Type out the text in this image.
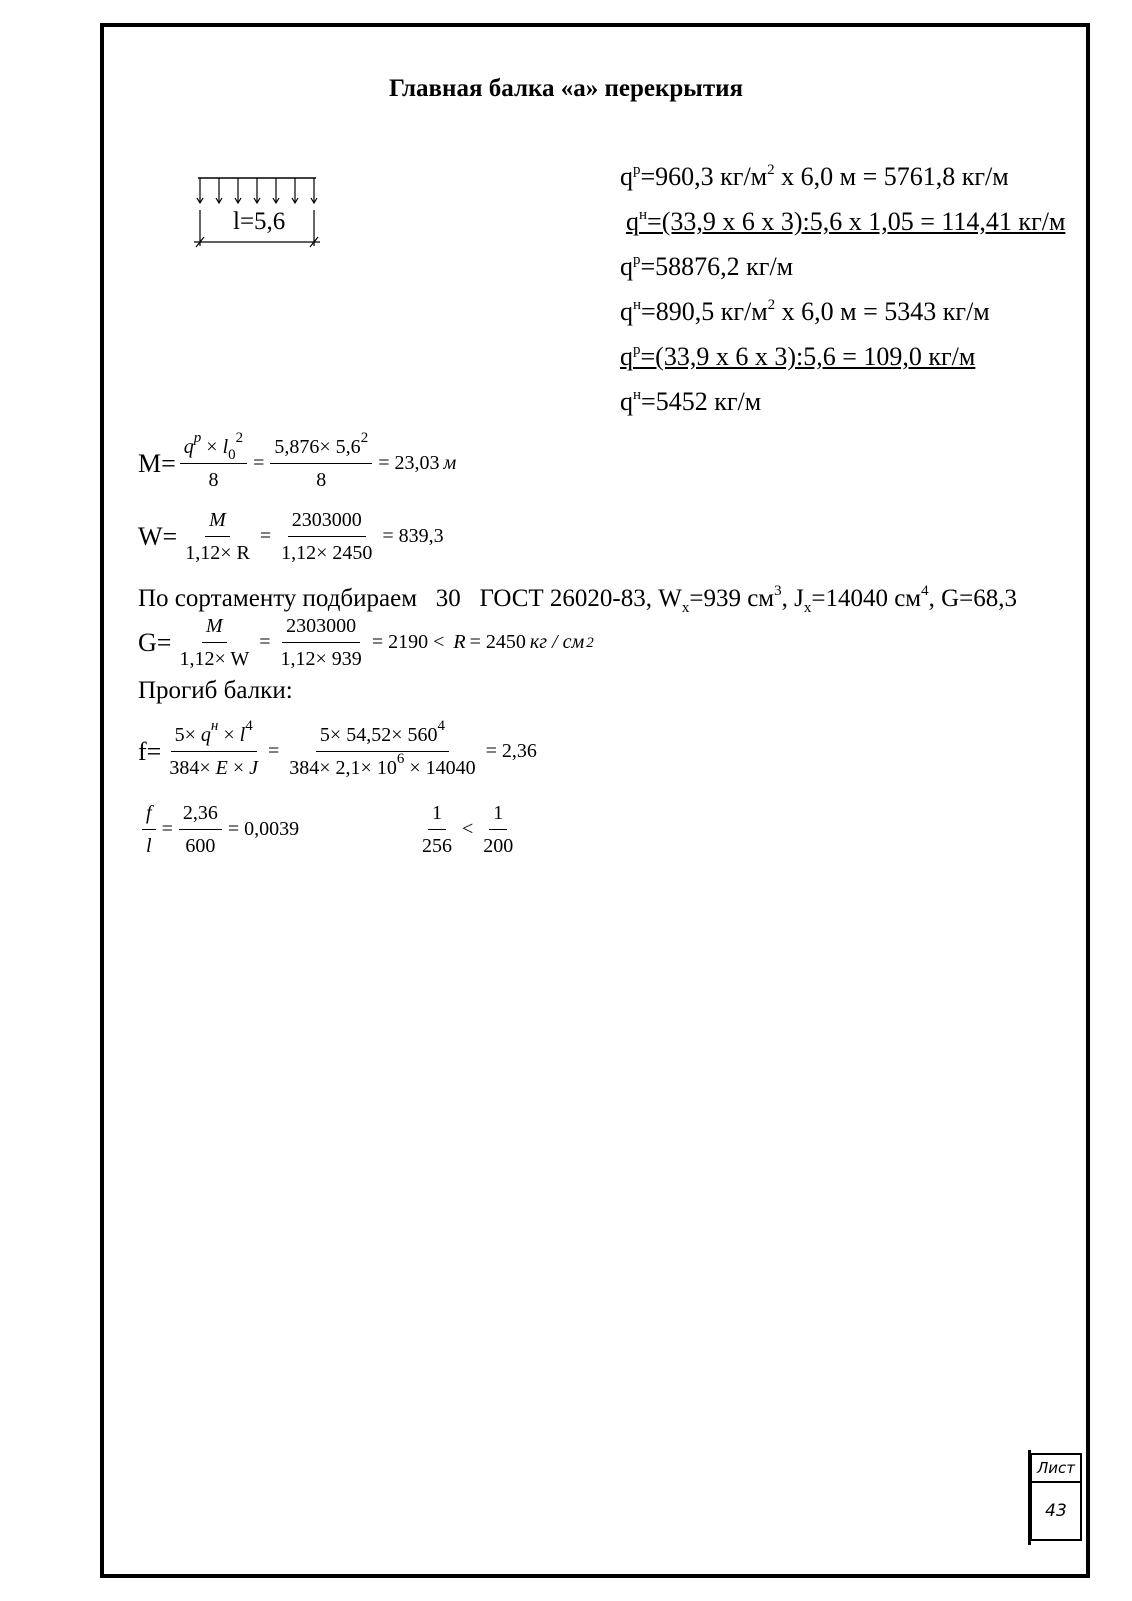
Главная балка «а» перекрытия
l=5,6
$q^р=960,3$ $кг/м^2$ х 6,0 м = 5761,8 кг/м
$q^н=(33,9$ х 6 х 3):5,6 х 1,05 = 114,41 кг/м
$q^р=58876,2$ кг/м
$q^н=890,5$ $кг/м^2$ х 6,0 м = 5343 кг/м
$q^р=(33,9$ х 6 х 3):5,6 = 109,0 кг/м
$q^н=5452$ кг/м
$M= \frac{q^р \times l_0^2}{8} = \frac{5,876\times 5,6^2}{8} = 23,03$ м
$W= \frac{M}{1,12\times R} = \frac{2303000}{1,12\times 2450} = 839,3$
По сортаменту подбираем   30   ГОСТ 26020-83, $W_x=939$ $см^3$, $J_x=14040$ $см^4$, G=68,3
$G= \frac{M}{1,12\times W} = \frac{2303000}{1,12\times 939} = 2190 < R = 2450$ кг / см 2
Прогиб балки:
$f= \frac{5\times q^н \times l^4}{384\times E \times J} = \frac{5\times 54,52\times 560^4}{384\times 2,1\times 10^6 \times 14040} = 2,36$
$\frac{f}{l} = \frac{2,36}{600} = 0,0039$	$\frac{1}{256} < \frac{1}{200}$
Лист
43
